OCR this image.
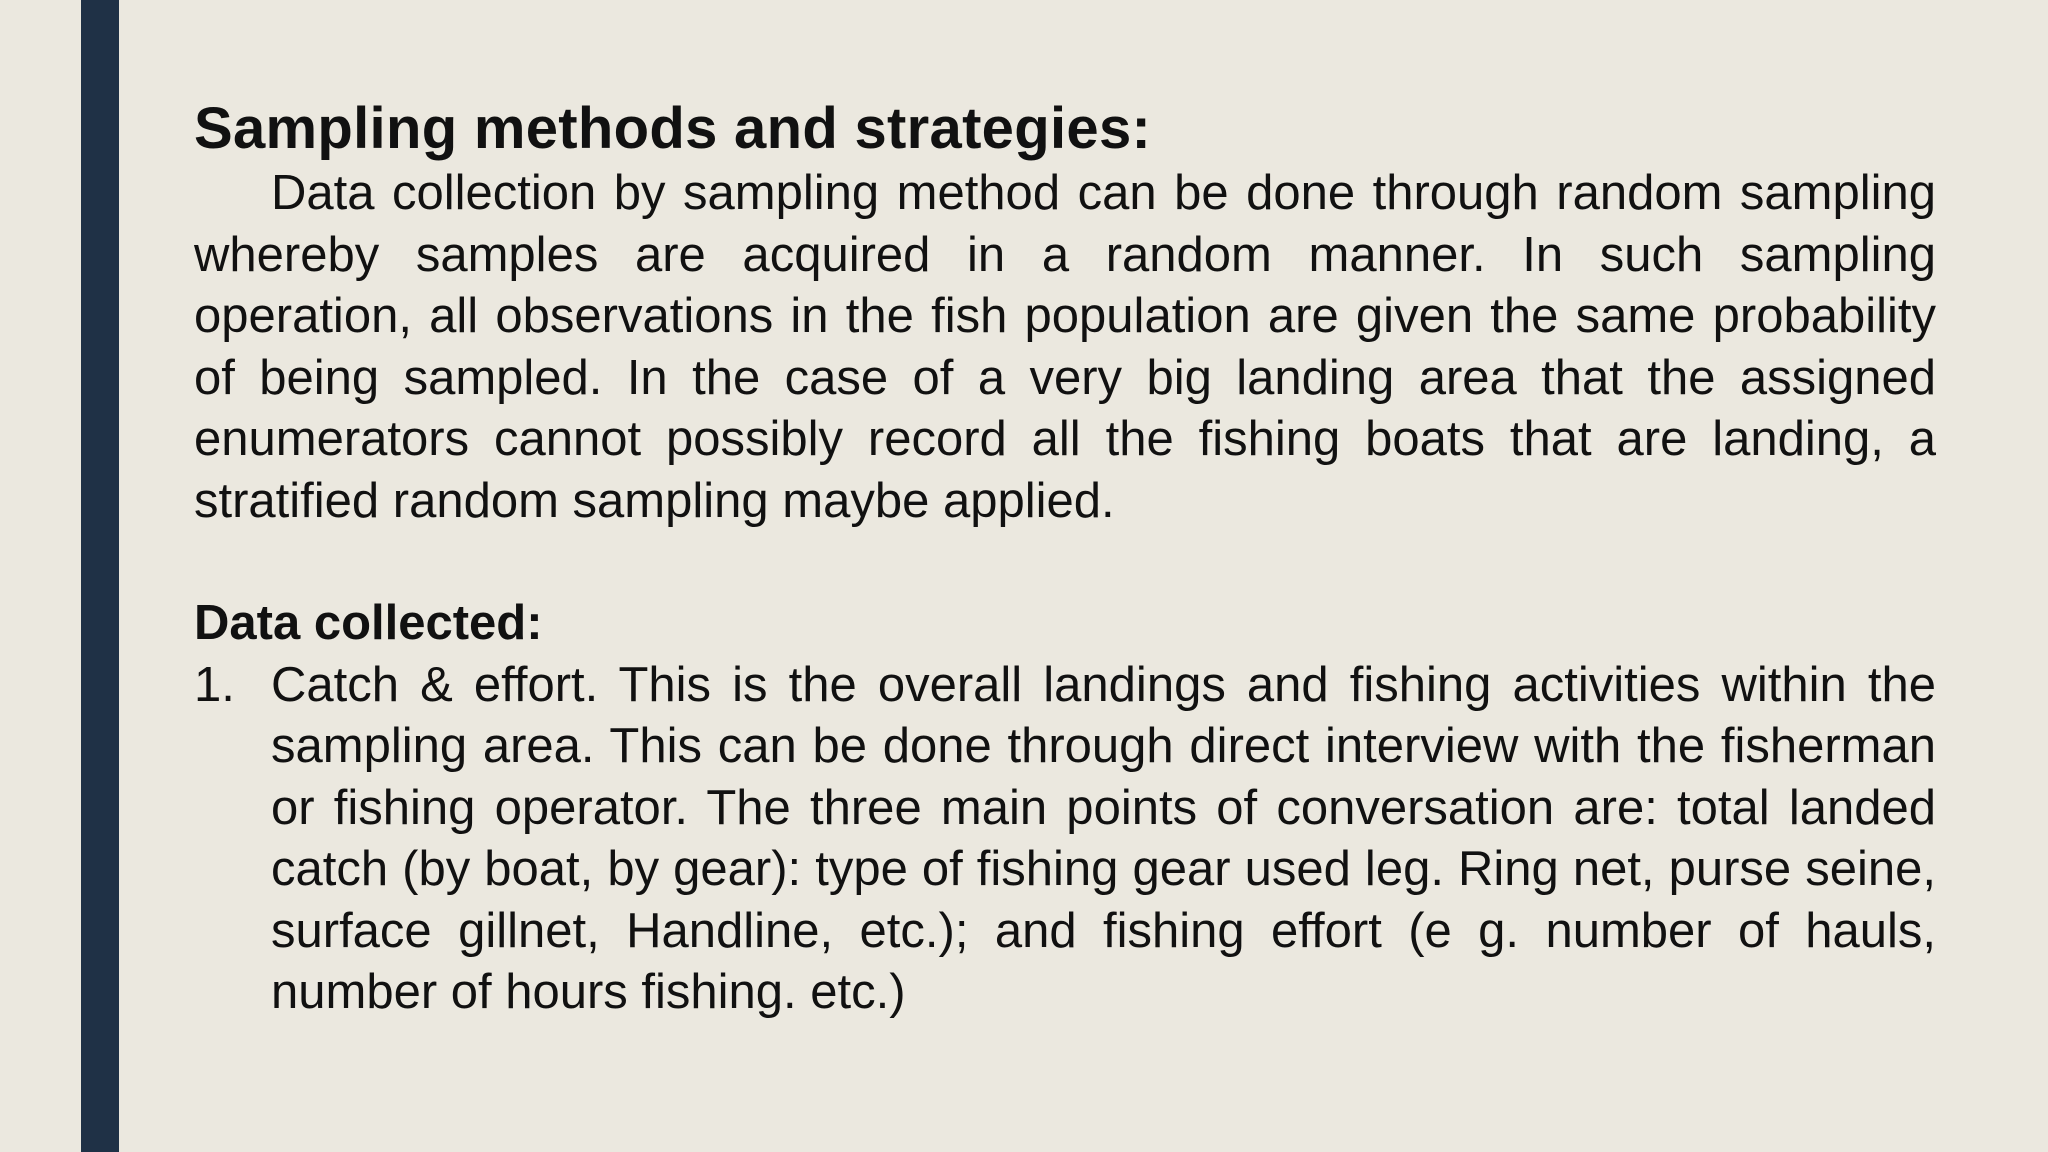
Sampling methods and strategies:

Data collection by sampling method can be done through random sampling whereby samples are acquired in a random manner. In such sampling operation, all observations in the fish population are given the same probability of being sampled. In the case of a very big landing area that the assigned enumerators cannot possibly record all the fishing boats that are landing, a stratified random sampling maybe applied.

Data collected:
1. Catch & effort. This is the overall landings and fishing activities within the sampling area. This can be done through direct interview with the fisherman or fishing operator. The three main points of conversation are: total landed catch (by boat, by gear): type of fishing gear used leg. Ring net, purse seine, surface gillnet, Handline, etc.); and fishing effort (e g. number of hauls, number of hours fishing. etc.)
